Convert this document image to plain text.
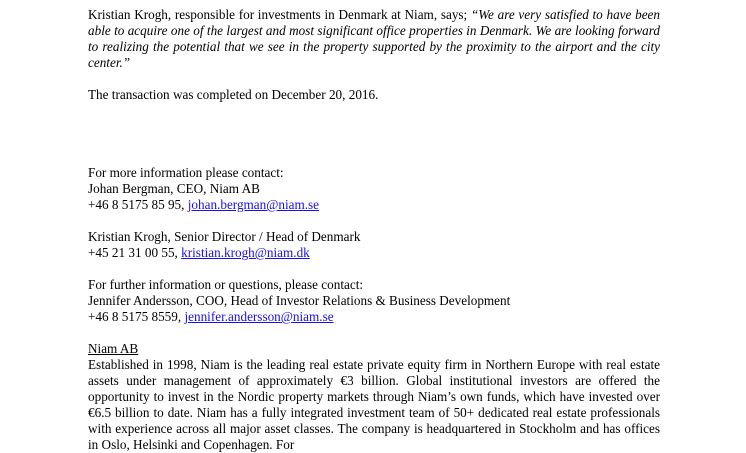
Kristian Krogh, responsible for investments in Denmark at Niam, says; “We are very satisfied to have been able to acquire one of the largest and most significant office properties in Denmark. We are looking forward to realizing the potential that we see in the property supported by the proximity to the airport and the city center.”

The transaction was completed on December 20, 2016.

For more information please contact:

Johan Bergman, CEO, Niam AB

+46 8 5175 85 95, johan.bergman@niam.se

Kristian Krogh, Senior Director / Head of Denmark

+45 21 31 00 55, kristian.krogh@niam.dk

For further information or questions, please contact:

Jennifer Andersson, COO, Head of Investor Relations & Business Development

+46 8 5175 8559, jennifer.andersson@niam.se

Niam AB

Established in 1998, Niam is the leading real estate private equity firm in Northern Europe with real estate assets under management of approximately €3 billion. Global institutional investors are offered the opportunity to invest in the Nordic property markets through Niam’s own funds, which have invested over €6.5 billion to date. Niam has a fully integrated investment team of 50+ dedicated real estate professionals with experience across all major asset classes. The company is headquartered in Stockholm and has offices in Oslo, Helsinki and Copenhagen. For
